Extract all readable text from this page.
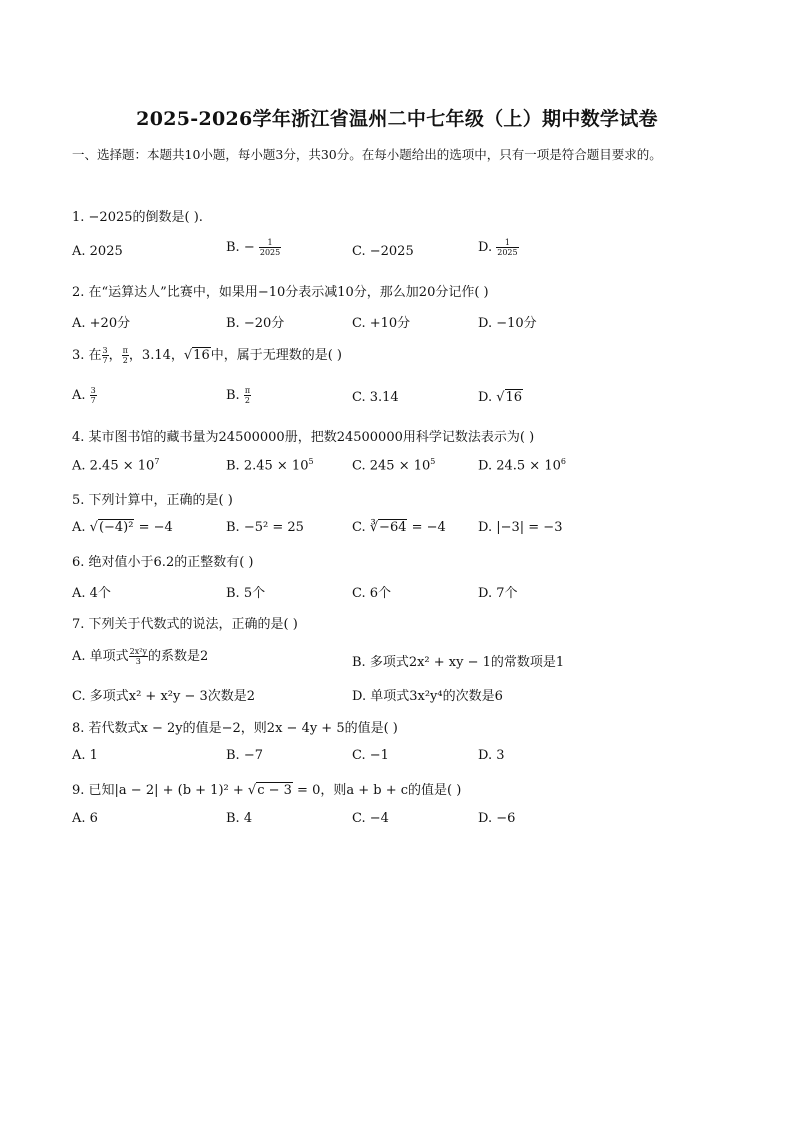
2025-2026学年浙江省温州二中七年级（上）期中数学试卷
一、选择题：本题共10小题，每小题3分，共30分。在每小题给出的选项中，只有一项是符合题目要求的。
1. −2025的倒数是( ).
A. 2025	B. − $\frac{1}{2025}$	C. −2025	D. $\frac{1}{2025}$
2. 在“运算达人”比赛中，如果用−10分表示减10分，那么加20分记作( )
A. +20分	B. −20分	C. +10分	D. −10分
3. 在 $\frac{3}{7}$ ， $\frac{\pi}{2}$ ，3.14，√16中，属于无理数的是( )
A. $\frac{3}{7}$	B. $\frac{\pi}{2}$	C. 3.14	D. √16
4. 某市图书馆的藏书量为24500000册，把数24500000用科学记数法表示为( )
A. $2.45 \times 10^7$	B. $2.45 \times 10^5$	C. $245 \times 10^5$	D. $24.5 \times 10^6$
5. 下列计算中，正确的是( )
A. √(−4)² = −4	B. −5² = 25	C. ∛−64 = −4 D. |−3| = −3
6. 绝对值小于6.2的正整数有( )
A. 4个	B. 5个	C. 6个	D. 7个
7. 下列关于代数式的说法，正确的是( )
A. 单项式 $\frac{\text{2x²y}}{3}$ 的系数是2	B. 多项式2x² + xy − 1的常数项是1
C. 多项式x² + x²y − 3次数是2	D. 单项式3x²y⁴的次数是6
8. 若代数式x − 2y的值是−2，则2x − 4y + 5的值是( )
A. 1	B. −7	C. −1	D. 3
9. 已知|a − 2| + (b + 1)² + √c − 3 = 0，则a + b + c的值是( )
A. 6	B. 4	C. −4	D. −6
